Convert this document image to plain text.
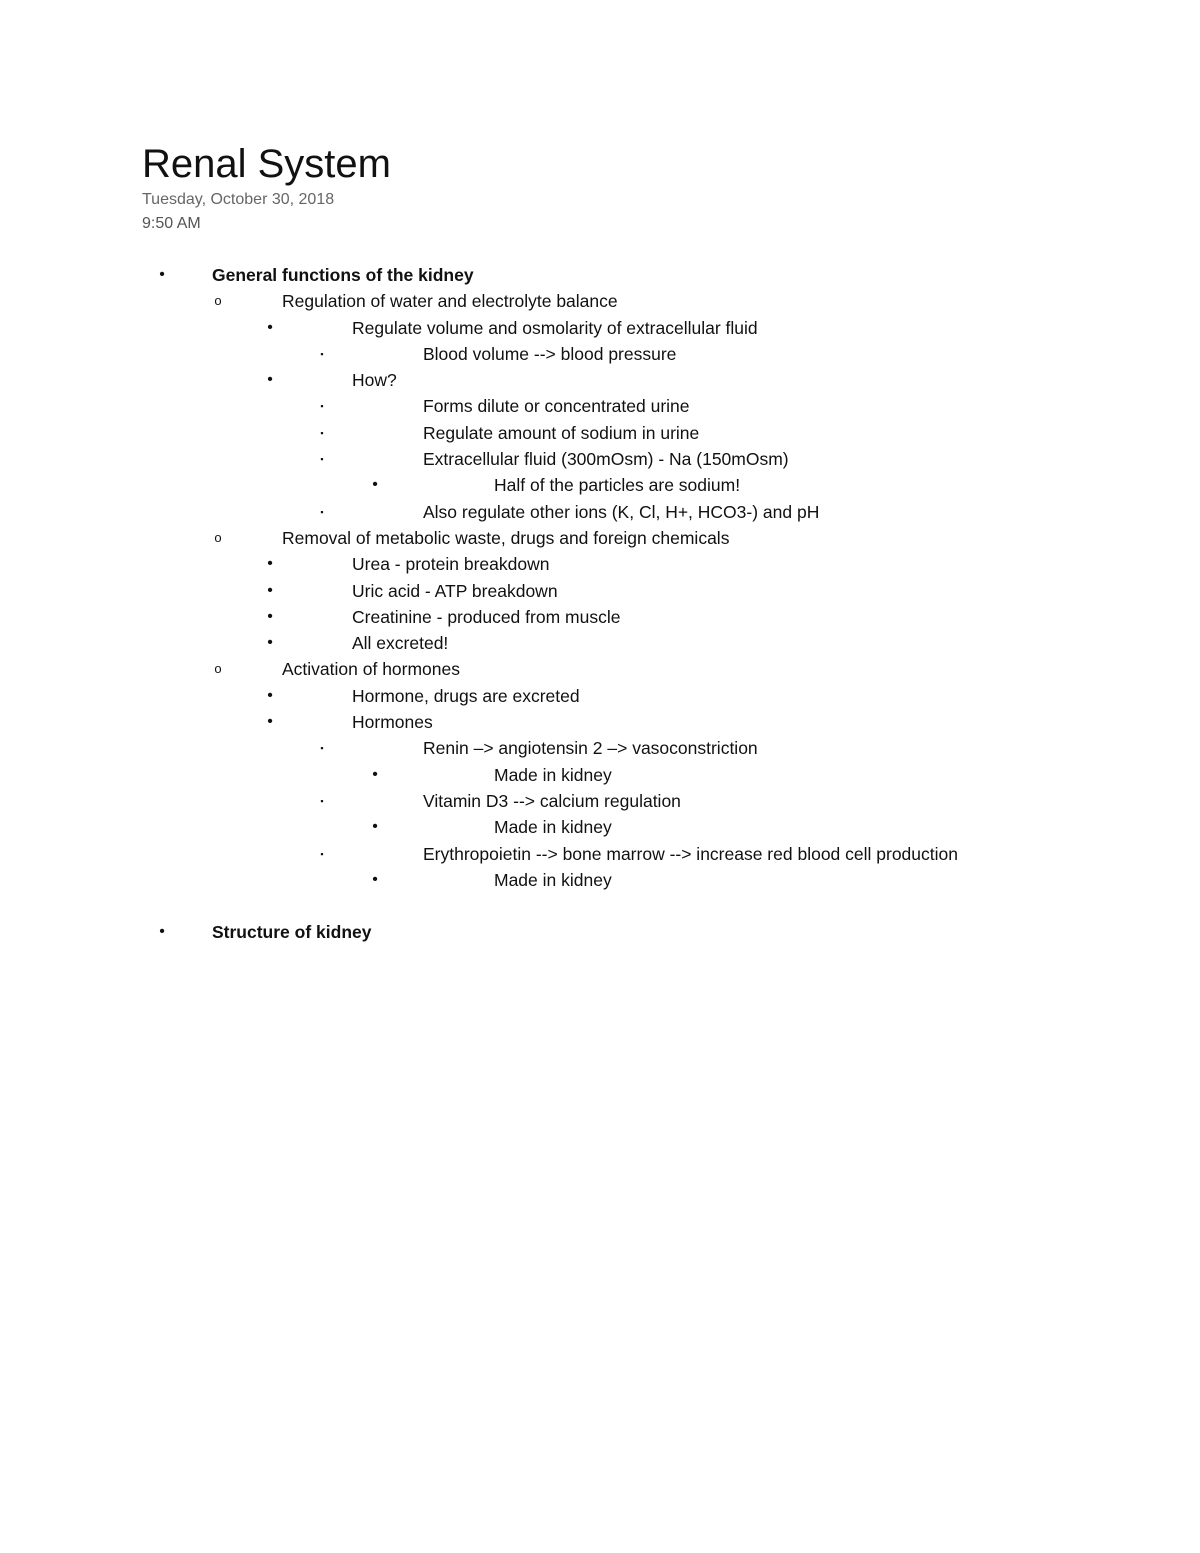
Renal System
Tuesday, October 30, 2018
9:50 AM
•	General functions of the kidney
o	Regulation of water and electrolyte balance
•	Regulate volume and osmolarity of extracellular fluid
▪	Blood volume --> blood pressure
•	How?
▪	Forms dilute or concentrated urine
▪	Regulate amount of sodium in urine
▪	Extracellular fluid (300mOsm) - Na (150mOsm)
•	Half of the particles are sodium!
▪	Also regulate other ions (K, Cl, H+, HCO3-) and pH
o	Removal of metabolic waste, drugs and foreign chemicals
•	Urea - protein breakdown
•	Uric acid - ATP breakdown
•	Creatinine - produced from muscle
•	All excreted!
o	Activation of hormones
•	Hormone, drugs are excreted
•	Hormones
▪	Renin –> angiotensin 2 –> vasoconstriction
•	Made in kidney
▪	Vitamin D3 --> calcium regulation
•	Made in kidney
▪	Erythropoietin --> bone marrow --> increase red blood cell production
•	Made in kidney
•	Structure of kidney
